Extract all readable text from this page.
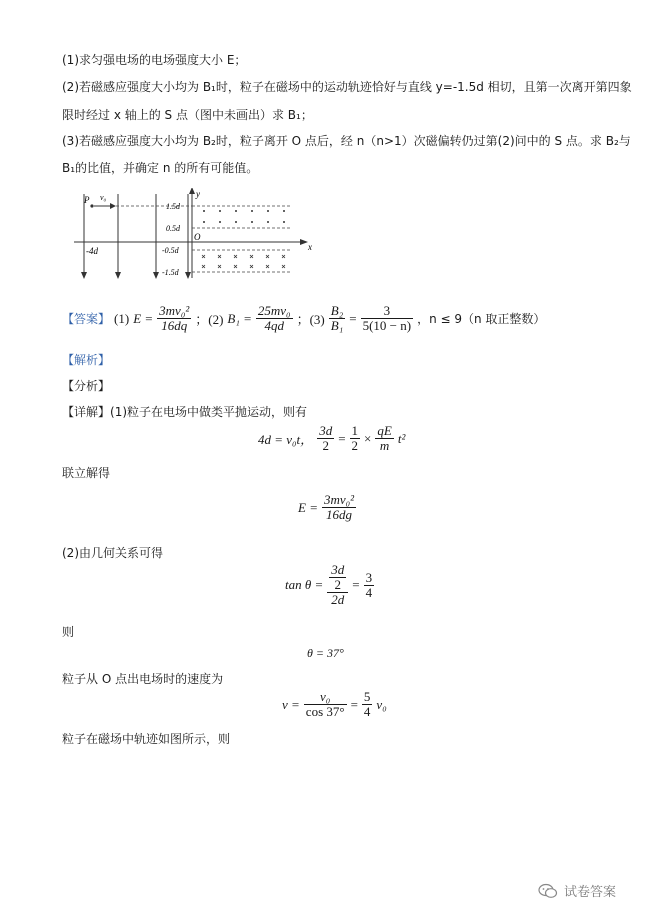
(1)求匀强电场的电场强度大小 E；
(2)若磁感应强度大小均为 B₁时，粒子在磁场中的运动轨迹恰好与直线 y=-1.5d 相切，且第一次离开第四象
限时经过 x 轴上的 S 点（图中未画出）求 B₁；
(3)若磁感应强度大小均为 B₂时，粒子离开 O 点后，经 n（n>1）次磁偏转仍过第(2)问中的 S 点。求 B₂与
B₁的比值，并确定 n 的所有可能值。
P v₀	y
x
O
-4d
1.5d
0.5d
-0.5d
-1.5d
【答案】 (1) $E = \frac{\text{3mv₀²}}{16dq}$ ；(2) $B_1 = \frac{\text{25mv₀}}{4qd}$ ；$(3) \frac{\text{B₂}}{\text{B₁}} = \frac{3}{5(10 - n)}$ ，n ≤ 9（n 取正整数）
【解析】
【分析】
【详解】(1)粒子在电场中做类平抛运动，则有
4d = v₀t， $\frac{3d}{2} = \frac{1}{2} \times \frac{qE}{m} t^2$
联立解得
$E = \frac{\text{3mv₀²}}{16dg}$
(2)由几何关系可得
$\tan \theta = \frac{\frac{3d}{2}}{2d} = \frac{3}{4}$
则
θ = 37°
粒子从 O 点出电场时的速度为
$v = \frac{\text{v₀}}{\cos 37^\circ} = \frac{5}{4} v_0$
粒子在磁场中轨迹如图所示，则
试卷答案
